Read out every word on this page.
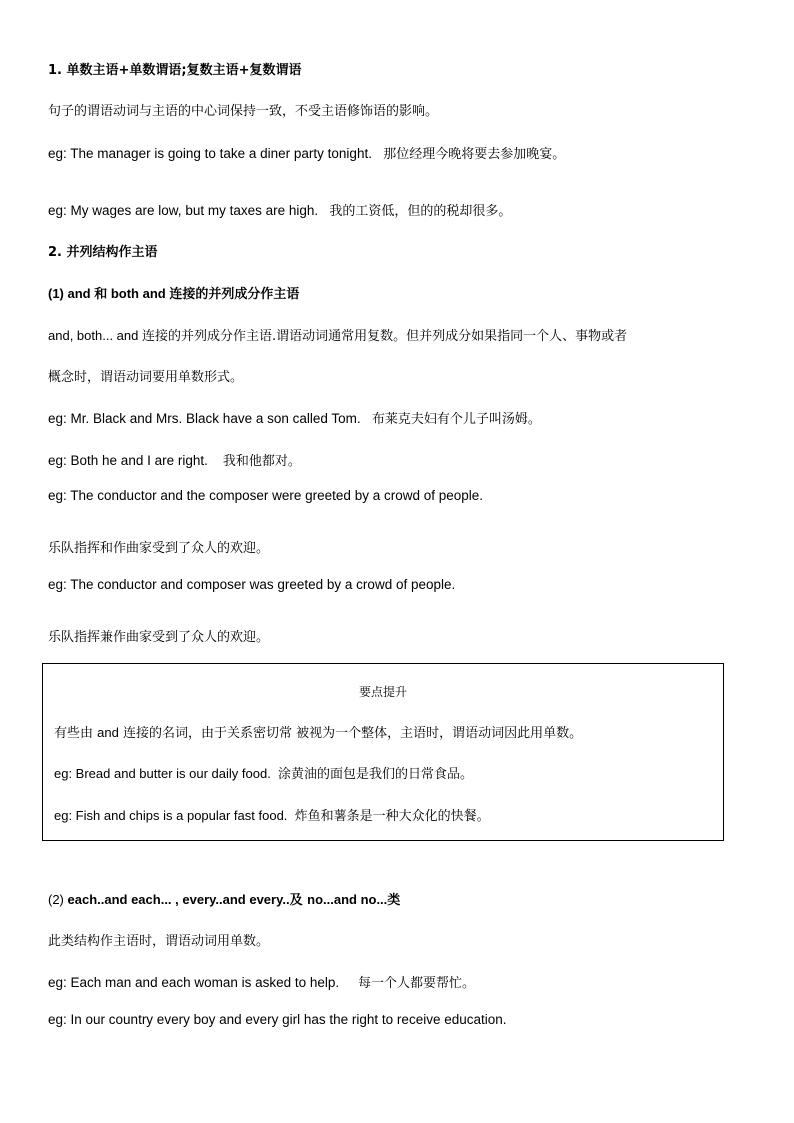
1. 单数主语+单数谓语;复数主语+复数谓语
句子的谓语动词与主语的中心词保持一致，不受主语修饰语的影响。
eg: The manager is going to take a diner party tonight. 那位经理今晚将要去参加晚宴。
eg: My wages are low, but my taxes are high. 我的工资低，但的的税却很多。
2. 并列结构作主语
(1) and 和 both and 连接的并列成分作主语
and, both... and 连接的并列成分作主语.谓语动词通常用复数。但并列成分如果指同一个人、事物或者
概念时，谓语动词要用单数形式。
eg: Mr. Black and Mrs. Black have a son called Tom. 布莱克夫妇有个儿子叫汤姆。
eg: Both he and I are right. 我和他都对。
eg: The conductor and the composer were greeted by a crowd of people.
乐队指挥和作曲家受到了众人的欢迎。
eg: The conductor and composer was greeted by a crowd of people.
乐队指挥兼作曲家受到了众人的欢迎。
要点提升
有些由 and 连接的名词，由于关系密切常 被视为一个整体，主语时，谓语动词因此用单数。
eg: Bread and butter is our daily food. 涂黄油的面包是我们的日常食品。
eg: Fish and chips is a popular fast food. 炸鱼和薯条是一种大众化的快餐。
(2) each..and each... , every..and every..及 no...and no...类
此类结构作主语时，谓语动词用单数。
eg: Each man and each woman is asked to help. 每一个人都要帮忙。
eg: In our country every boy and every girl has the right to receive education.
